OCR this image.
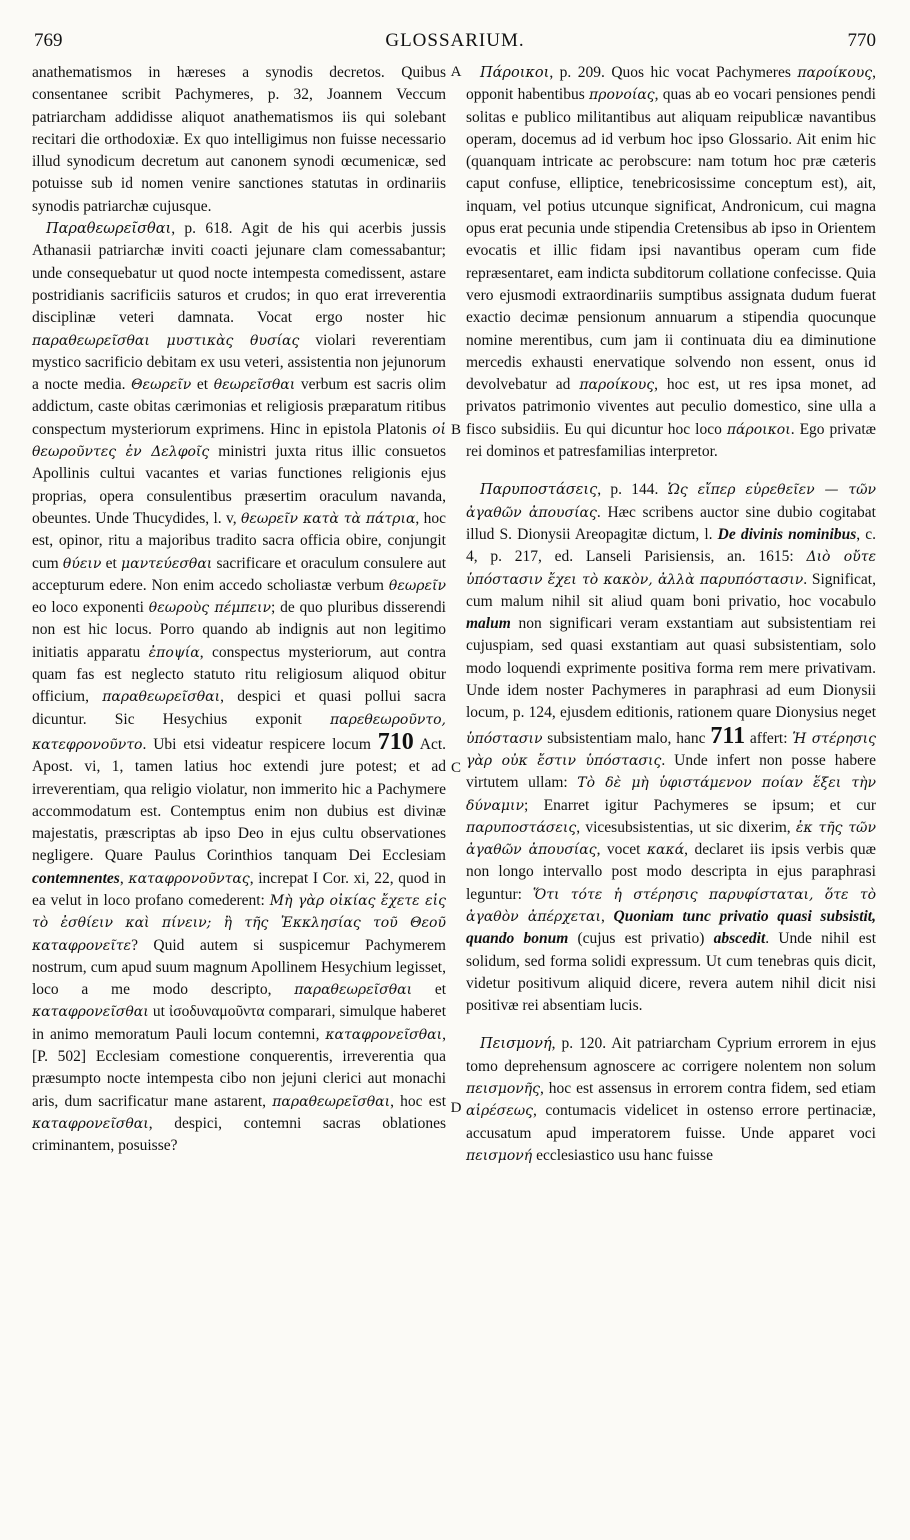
769	GLOSSARIUM.	770
A
B
C
D

anathematismos in hæreses a synodis decretos. Quibus consentanee scribit Pachymeres, p. 32, Joannem Veccum patriarcham addidisse aliquot anathematismos iis qui solebant recitari die orthodoxiæ. Ex quo intelligimus non fuisse necessario illud synodicum decretum aut canonem synodi œcumenicæ, sed potuisse sub id nomen venire sanctiones statutas in ordinariis synodis patriarchæ cujusque.

Παραθεωρεῖσθαι, p. 618. Agit de his qui acerbis jussis Athanasii patriarchæ inviti coacti jejunare clam comessabantur; unde consequebatur ut quod nocte intempesta comedissent, astare postridianis sacrificiis saturos et crudos; in quo erat irreverentia disciplinæ veteri damnata. Vocat ergo noster hic παραθεωρεῖσθαι μυστικὰς θυσίας violari reverentiam mystico sacrificio debitam ex usu veteri, assistentia non jejunorum a nocte media. Θεωρεῖν et θεωρεῖσθαι verbum est sacris olim addictum, caste obitas cærimonias et religiosis præparatum ritibus conspectum mysteriorum exprimens. Hinc in epistola Platonis οἱ θεωροῦντες ἐν Δελφοῖς ministri juxta ritus illic consuetos Apollinis cultui vacantes et varias functiones religionis ejus proprias, opera consulentibus præsertim oraculum navanda, obeuntes. Unde Thucydides, l. v, θεωρεῖν κατὰ τὰ πάτρια, hoc est, opinor, ritu a majoribus tradito sacra officia obire, conjungit cum θύειν et μαντεύεσθαι sacrificare et oraculum consulere aut accepturum edere. Non enim accedo scholiastæ verbum θεωρεῖν eo loco exponenti θεωροὺς πέμπειν; de quo pluribus disserendi non est hic locus. Porro quando ab indignis aut non legitimo initiatis apparatu ἐποψία, conspectus mysteriorum, aut contra quam fas est neglecto statuto ritu religiosum aliquod obitur officium, παραθεωρεῖσθαι, despici et quasi pollui sacra dicuntur. Sic Hesychius exponit παρεθεωροῦντο, κατεφρονοῦντο. Ubi etsi videatur respicere locum 710 Act. Apost. vi, 1, tamen latius hoc extendi jure potest; et ad irreverentiam, qua religio violatur, non immerito hic a Pachymere accommodatum est. Contemptus enim non dubius est divinæ majestatis, præscriptas ab ipso Deo in ejus cultu observationes negligere. Quare Paulus Corinthios tanquam Dei Ecclesiam contemnentes, καταφρονοῦντας, increpat I Cor. xi, 22, quod in ea velut in loco profano comederent: Μὴ γὰρ οἰκίας ἔχετε εἰς τὸ ἐσθίειν καὶ πίνειν; ἢ τῆς Ἐκκλησίας τοῦ Θεοῦ καταφρονεῖτε? Quid autem si suspicemur Pachymerem nostrum, cum apud suum magnum Apollinem Hesychium legisset, loco a me modo descripto, παραθεωρεῖσθαι et καταφρονεῖσθαι ut ἰσοδυναμοῦντα comparari, simulque haberet in animo memoratum Pauli locum contemni, καταφρονεῖσθαι, [P. 502] Ecclesiam comestione conquerentis, irreverentia qua præsumpto nocte intempesta cibo non jejuni clerici aut monachi aris, dum sacrificatur mane astarent, παραθεωρεῖσθαι, hoc est καταφρονεῖσθαι, despici, contemni sacras oblationes criminantem, posuisse?

Πάροικοι, p. 209. Quos hic vocat Pachymeres παροίκους, opponit habentibus προνοίας, quas ab eo vocari pensiones pendi solitas e publico militantibus aut aliquam reipublicæ navantibus operam, docemus ad id verbum hoc ipso Glossario. Ait enim hic (quanquam intricate ac perobscure: nam totum hoc præ cæteris caput confuse, elliptice, tenebricosissime conceptum est), ait, inquam, vel potius utcunque significat, Andronicum, cui magna opus erat pecunia unde stipendia Cretensibus ab ipso in Orientem evocatis et illic fidam ipsi navantibus operam cum fide repræsentaret, eam indicta subditorum collatione confecisse. Quia vero ejusmodi extraordinariis sumptibus assignata dudum fuerat exactio decimæ pensionum annuarum a stipendia quocunque nomine merentibus, cum jam ii continuata diu ea diminutione mercedis exhausti enervatique solvendo non essent, onus id devolvebatur ad παροίκους, hoc est, ut res ipsa monet, ad privatos patrimonio viventes aut peculio domestico, sine ulla a fisco subsidiis. Eu qui dicuntur hoc loco πάροικοι. Ego privatæ rei dominos et patresfamilias interpretor.

Παρυποστάσεις, p. 144. Ὡς εἴπερ εὑρεθεῖεν — τῶν ἀγαθῶν ἀπουσίας. Hæc scribens auctor sine dubio cogitabat illud S. Dionysii Areopagitæ dictum, l. De divinis nominibus, c. 4, p. 217, ed. Lanseli Parisiensis, an. 1615: Διὸ οὔτε ὑπόστασιν ἔχει τὸ κακὸν, ἀλλὰ παρυπόστασιν. Significat, cum malum nihil sit aliud quam boni privatio, hoc vocabulo malum non significari veram exstantiam aut subsistentiam rei cujuspiam, sed quasi exstantiam aut quasi subsistentiam, solo modo loquendi exprimente positiva forma rem mere privativam. Unde idem noster Pachymeres in paraphrasi ad eum Dionysii locum, p. 124, ejusdem editionis, rationem quare Dionysius neget ὑπόστασιν subsistentiam malo, hanc 711 affert: Ἡ στέρησις γὰρ οὐκ ἔστιν ὑπόστασις. Unde infert non posse habere virtutem ullam: Τὸ δὲ μὴ ὑφιστάμενον ποίαν ἕξει τὴν δύναμιν; Enarret igitur Pachymeres se ipsum; et cur παρυποστάσεις, vicesubsistentias, ut sic dixerim, ἐκ τῆς τῶν ἀγαθῶν ἀπουσίας, vocet κακά, declaret iis ipsis verbis quæ non longo intervallo post modo descripta in ejus paraphrasi leguntur: Ὅτι τότε ἡ στέρησις παρυφίσταται, ὅτε τὸ ἀγαθὸν ἀπέρχεται, Quoniam tunc privatio quasi subsistit, quando bonum (cujus est privatio) abscedit. Unde nihil est solidum, sed forma solidi expressum. Ut cum tenebras quis dicit, videtur positivum aliquid dicere, revera autem nihil dicit nisi positivæ rei absentiam lucis.

Πεισμονή, p. 120. Ait patriarcham Cyprium errorem in ejus tomo deprehensum agnoscere ac corrigere nolentem non solum πεισμονῆς, hoc est assensus in errorem contra fidem, sed etiam αἱρέσεως, contumacis videlicet in ostenso errore pertinaciæ, accusatum apud imperatorem fuisse. Unde apparet voci πεισμονή ecclesiastico usu hanc fuisse
